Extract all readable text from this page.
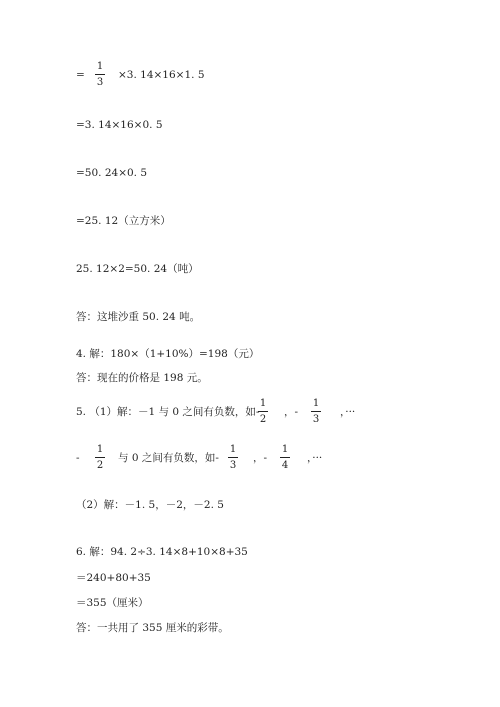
=
1
3
×3. 14×16×1. 5
=3. 14×16×0. 5
=50. 24×0. 5
=25. 12（立方米）
25. 12×2=50. 24（吨）
答：这堆沙重 50. 24 吨。
4. 解：180×（1+10%）=198（元）
答：现在的价格是 198 元。
5. （1）解：－1 与 0 之间有负数，如-
1
2
，-
1
3
，···
-
1
2
与 0 之间有负数，如-
1
3
，-
1
4
，···
（2）解：－1. 5，－2，－2. 5
6. 解：94. 2÷3. 14×8+10×8+35
＝240+80+35
＝355（厘米）
答：一共用了 355 厘米的彩带。
